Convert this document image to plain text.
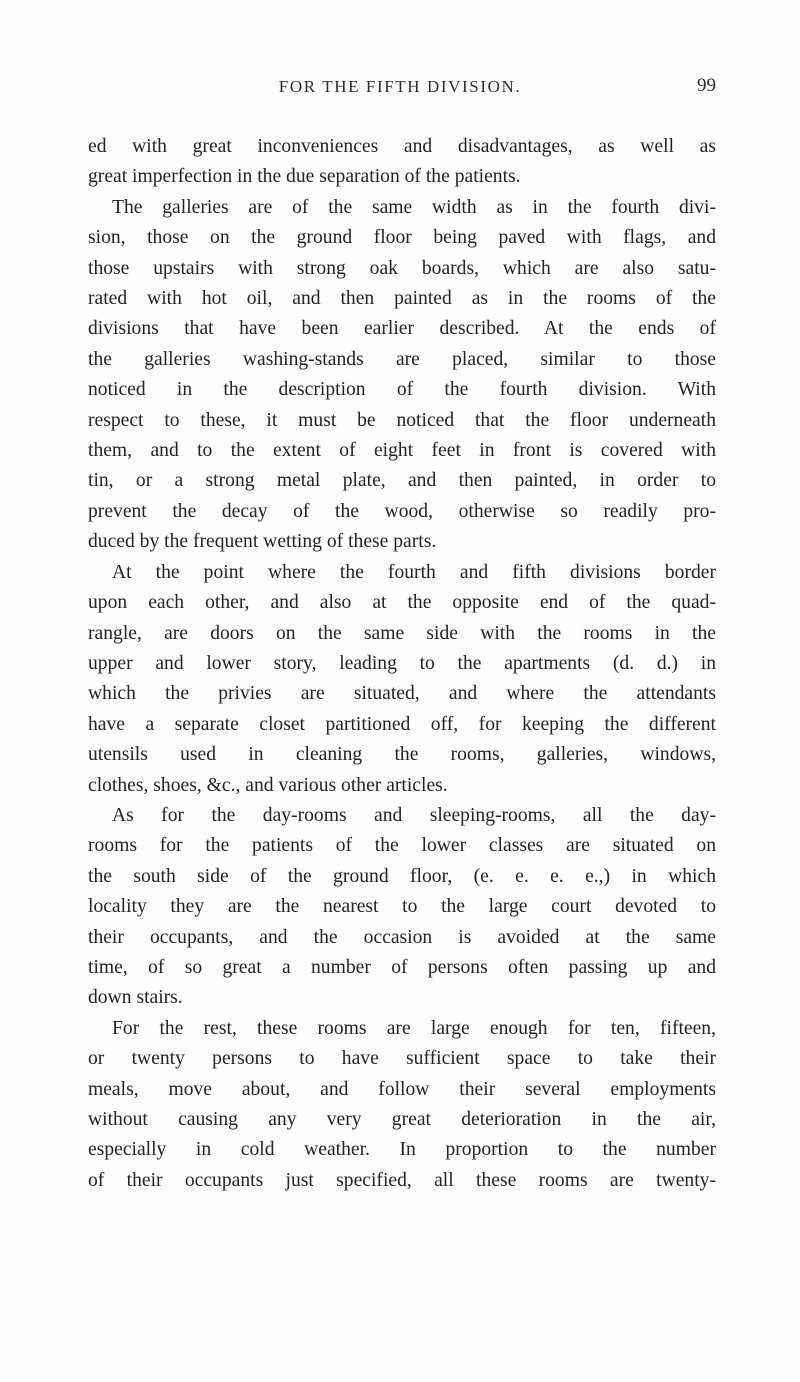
FOR THE FIFTH DIVISION.	99

ed with great inconveniences and disadvantages, as well as
great imperfection in the due separation of the patients.

The galleries are of the same width as in the fourth divi-
sion, those on the ground floor being paved with flags, and
those upstairs with strong oak boards, which are also satu-
rated with hot oil, and then painted as in the rooms of the
divisions that have been earlier described. At the ends of
the galleries washing-stands are placed, similar to those
noticed in the description of the fourth division. With
respect to these, it must be noticed that the floor underneath
them, and to the extent of eight feet in front is covered with
tin, or a strong metal plate, and then painted, in order to
prevent the decay of the wood, otherwise so readily pro-
duced by the frequent wetting of these parts.

At the point where the fourth and fifth divisions border
upon each other, and also at the opposite end of the quad-
rangle, are doors on the same side with the rooms in the
upper and lower story, leading to the apartments (d. d.) in
which the privies are situated, and where the attendants
have a separate closet partitioned off, for keeping the different
utensils used in cleaning the rooms, galleries, windows,
clothes, shoes, &c., and various other articles.

As for the day-rooms and sleeping-rooms, all the day-
rooms for the patients of the lower classes are situated on
the south side of the ground floor, (e. e. e. e.,) in which
locality they are the nearest to the large court devoted to
their occupants, and the occasion is avoided at the same
time, of so great a number of persons often passing up and
down stairs.

For the rest, these rooms are large enough for ten, fifteen,
or twenty persons to have sufficient space to take their
meals, move about, and follow their several employments
without causing any very great deterioration in the air,
especially in cold weather. In proportion to the number
of their occupants just specified, all these rooms are twenty-
